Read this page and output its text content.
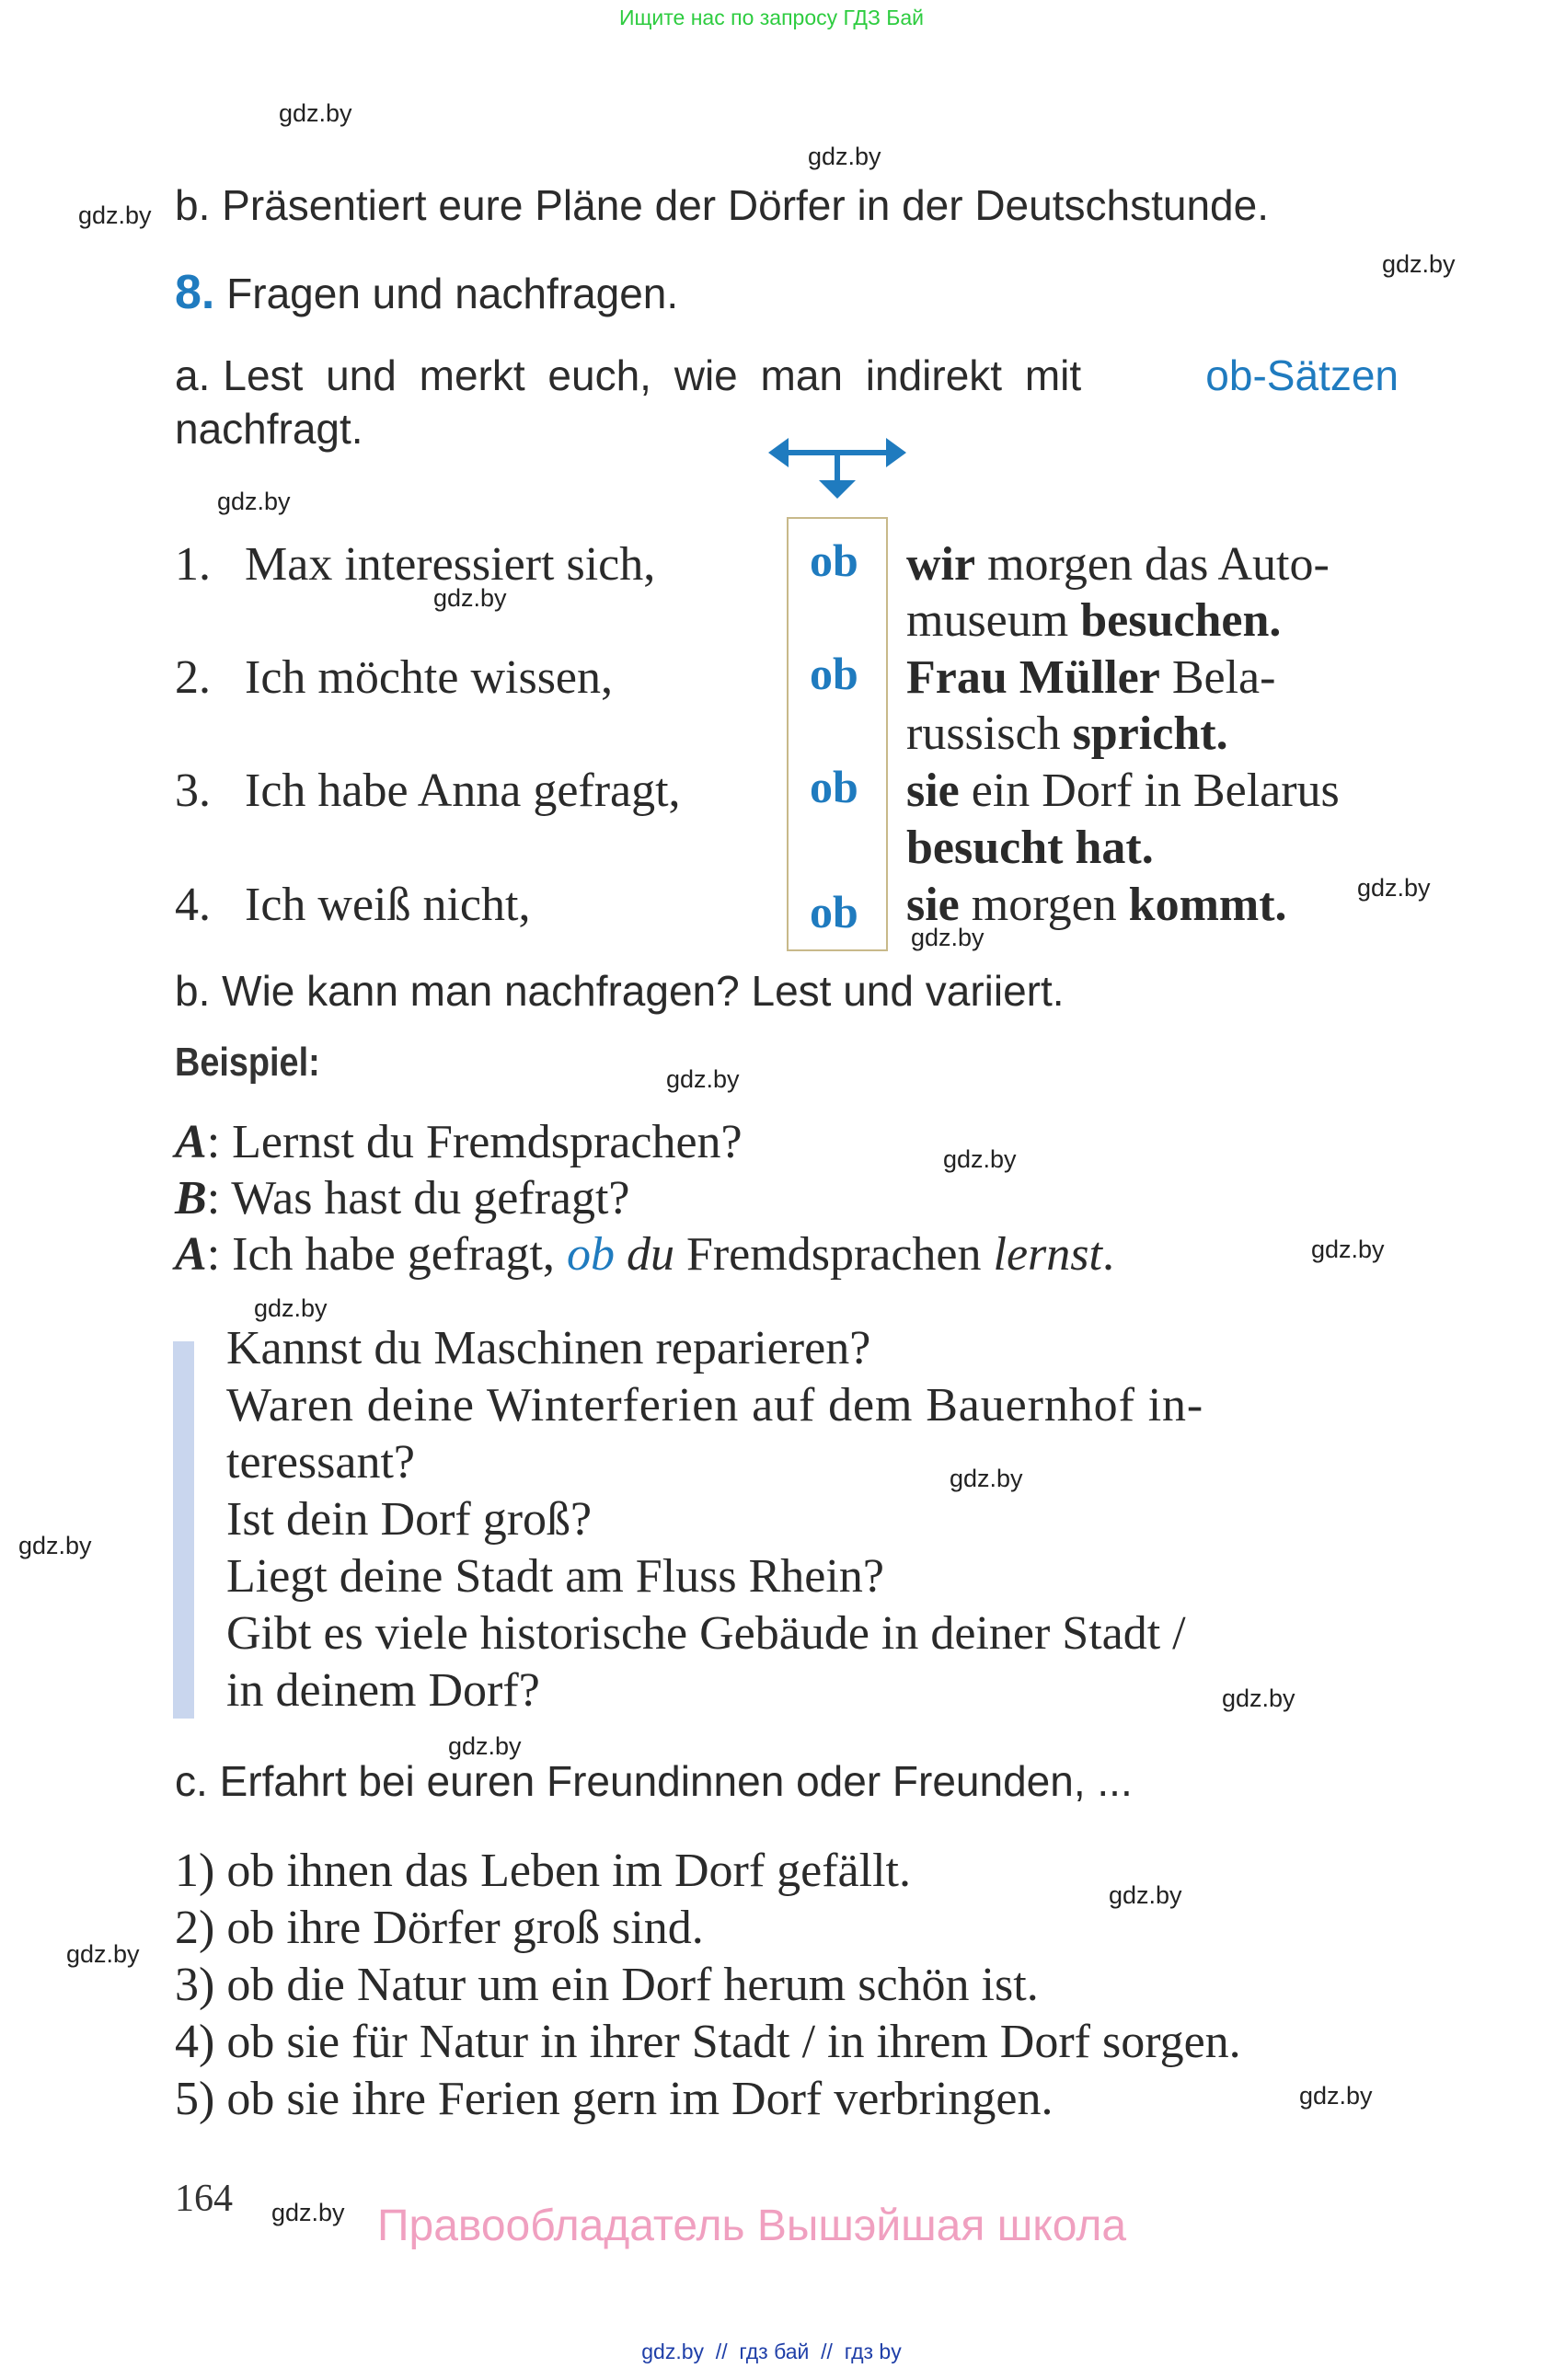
Ищите нас по запросу ГДЗ Бай
gdz.by
gdz.by
gdz.by
gdz.by
gdz.by
gdz.by
gdz.by
gdz.by
gdz.by
gdz.by
gdz.by
gdz.by
gdz.by
gdz.by
gdz.by
gdz.by
gdz.by
gdz.by
gdz.by
gdz.by
b. Präsentiert eure Pläne der Dörfer in der Deutschstunde.
8. Fragen und nachfragen.
a. Lest und merkt euch, wie man indirekt mit	ob-Sätzen
nachfragt.
1. Max interessiert sich,	ob wir morgen das Auto-
museum besuchen.
2. Ich möchte wissen,	ob Frau Müller Bela-
russisch spricht.
3. Ich habe Anna gefragt,	ob sie ein Dorf in Belarus
besucht hat.
4. Ich weiß nicht,	ob sie morgen kommt.
b. Wie kann man nachfragen? Lest und variiert.
Beispiel:
A: Lernst du Fremdsprachen?
B: Was hast du gefragt?
A: Ich habe gefragt, ob du Fremdsprachen lernst.
Kannst du Maschinen reparieren?
Waren deine Winterferien auf dem Bauernhof in-
teressant?
Ist dein Dorf groß?
Liegt deine Stadt am Fluss Rhein?
Gibt es viele historische Gebäude in deiner Stadt /
in deinem Dorf?
c. Erfahrt bei euren Freundinnen oder Freunden, ...
1) ob ihnen das Leben im Dorf gefällt.
2) ob ihre Dörfer groß sind.
3) ob die Natur um ein Dorf herum schön ist.
4) ob sie für Natur in ihrer Stadt / in ihrem Dorf sorgen.
5) ob sie ihre Ferien gern im Dorf verbringen.
164
Правообладатель Вышэйшая школа
gdz.by  //  гдз бай  //  гдз by
